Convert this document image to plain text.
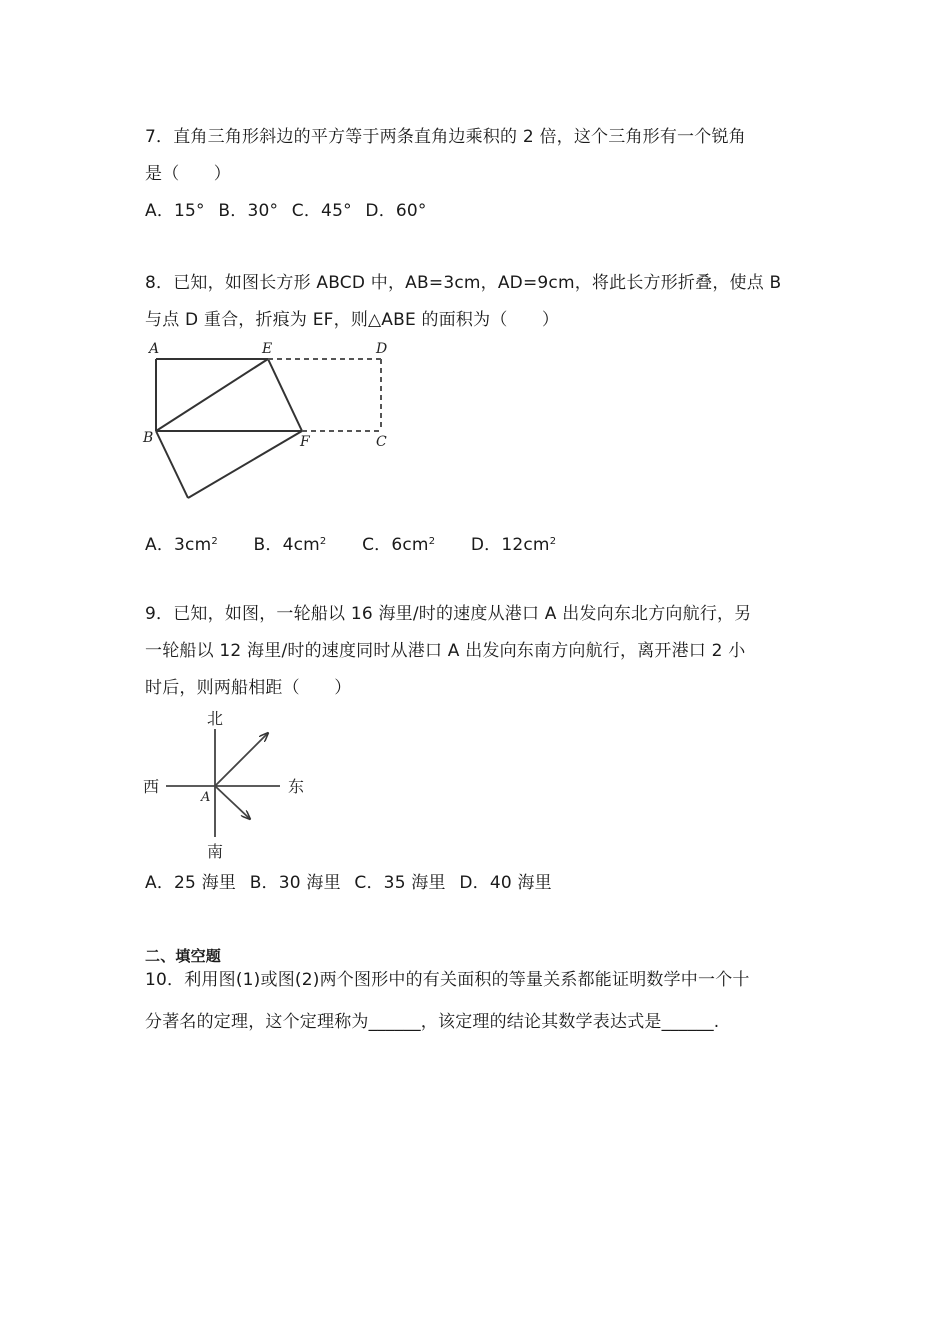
7．直角三角形斜边的平方等于两条直角边乘积的 2 倍，这个三角形有一个锐角
是（　　）
A．15° B．30° C．45° D．60°
8．已知，如图长方形 ABCD 中，AB=3cm，AD=9cm，将此长方形折叠，使点 B
与点 D 重合，折痕为 EF，则△ABE 的面积为（　　）
A	E	D
B	F	C
A．$3cm^2$ B．$4cm^2$ C．$6cm^2$ D．$12cm^2$
9．已知，如图，一轮船以 16 海里/时的速度从港口 A 出发向东北方向航行，另
一轮船以 12 海里/时的速度同时从港口 A 出发向东南方向航行，离开港口 2 小
时后，则两船相距（　　）
北
南
东
西
A
A．25 海里 B．30 海里 C．35 海里 D．40 海里
二、填空题
10．利用图(1)或图(2)两个图形中的有关面积的等量关系都能证明数学中一个十
分著名的定理，这个定理称为______，该定理的结论其数学表达式是______.
